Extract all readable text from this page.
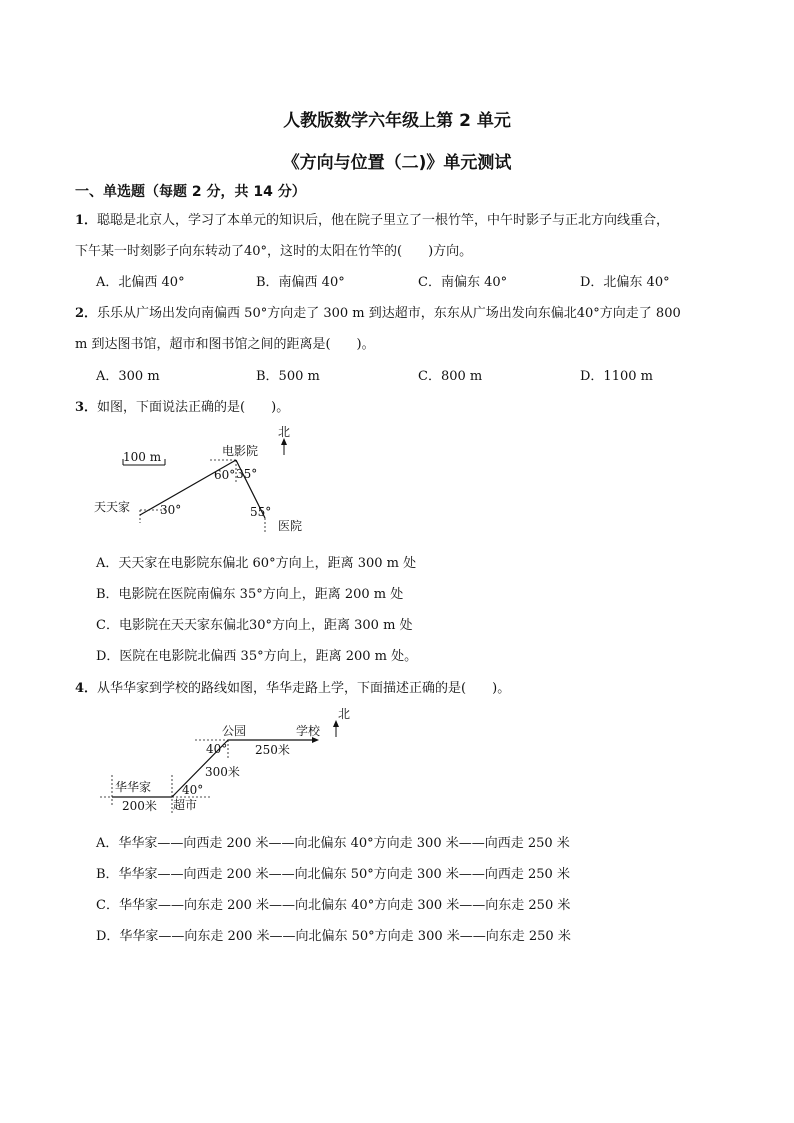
人教版数学六年级上第 2 单元
《方向与位置（二)》单元测试
一、单选题（每题 2 分，共 14 分）
1．聪聪是北京人，学习了本单元的知识后，他在院子里立了一根竹竿，中午时影子与正北方向线重合，
下午某一时刻影子向东转动了40°，这时的太阳在竹竿的(　　)方向。
A．北偏西 40°	B．南偏西 40°	C．南偏东 40°	D．北偏东 40°
2．乐乐从广场出发向南偏西 50°方向走了 300 m 到达超市，东东从广场出发向东偏北40°方向走了 800
m 到达图书馆，超市和图书馆之间的距离是(　　)。
A．300 m	B．500 m	C．800 m	D．1100 m
3．如图，下面说法正确的是(　　)。
北
100 m	电影院
天天家 30°
60° 35°
55°
医院
A．天天家在电影院东偏北 60°方向上，距离 300 m 处
B．电影院在医院南偏东 35°方向上，距离 200 m 处
C．电影院在天天家东偏北30°方向上，距离 300 m 处
D．医院在电影院北偏西 35°方向上，距离 200 m 处。
4．从华华家到学校的路线如图，华华走路上学，下面描述正确的是(　　)。
北
公园	学校
华华家
200米 超市
40°
300米
40° 250米
A．华华家——向西走 200 米——向北偏东 40°方向走 300 米——向西走 250 米
B．华华家——向西走 200 米——向北偏东 50°方向走 300 米——向西走 250 米
C．华华家——向东走 200 米——向北偏东 40°方向走 300 米——向东走 250 米
D．华华家——向东走 200 米——向北偏东 50°方向走 300 米——向东走 250 米
